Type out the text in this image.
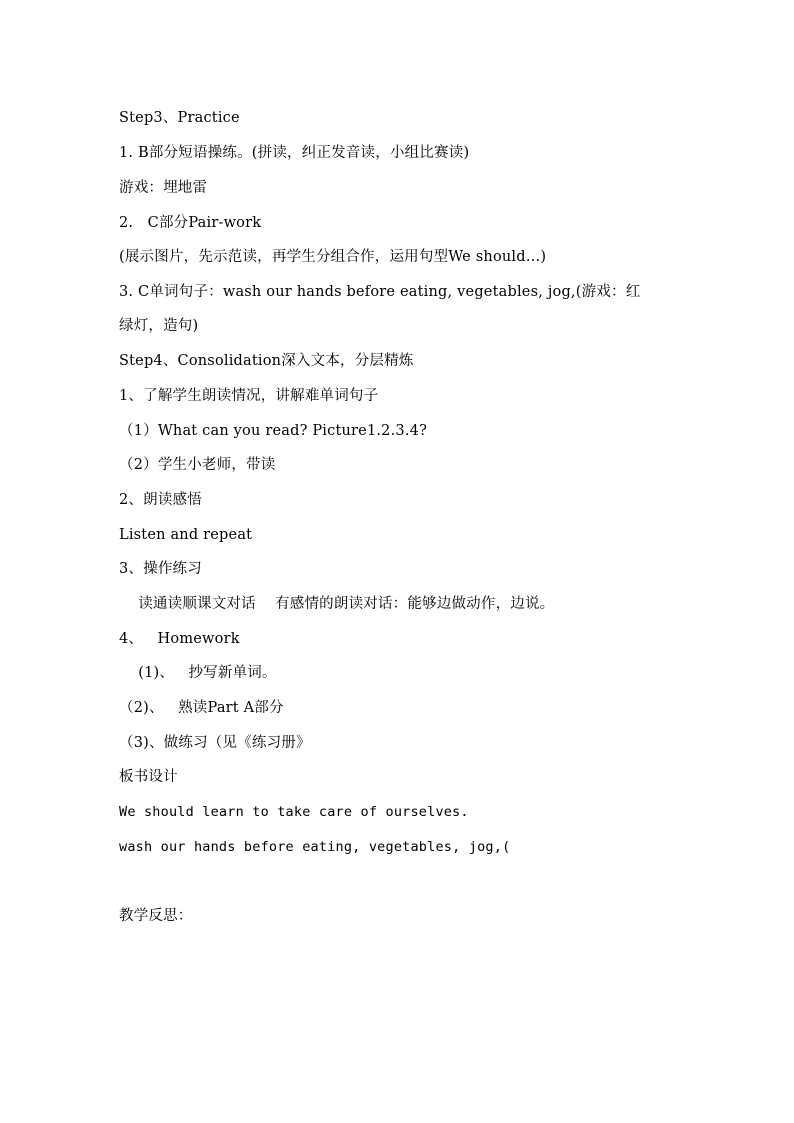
Step3、Practice
1. B部分短语操练。(拼读，纠正发音读，小组比赛读)
游戏：埋地雷
2.   C部分Pair-work
(展示图片，先示范读，再学生分组合作，运用句型We should…)
3. C单词句子：wash our hands before eating, vegetables, jog,(游戏：红
绿灯，造句)
Step4、Consolidation深入文本，分层精炼
1、了解学生朗读情况，讲解难单词句子
（1）What can you read? Picture1.2.3.4?
（2）学生小老师，带读
2、朗读感悟
Listen and repeat
3、操作练习
读通读顺课文对话    有感情的朗读对话：能够边做动作，边说。
4、   Homework
(1)、   抄写新单词。
（2)、   熟读Part A部分
（3)、做练习（见《练习册》
板书设计
We should learn to take care of ourselves.
wash our hands before eating, vegetables, jog,(
教学反思：
